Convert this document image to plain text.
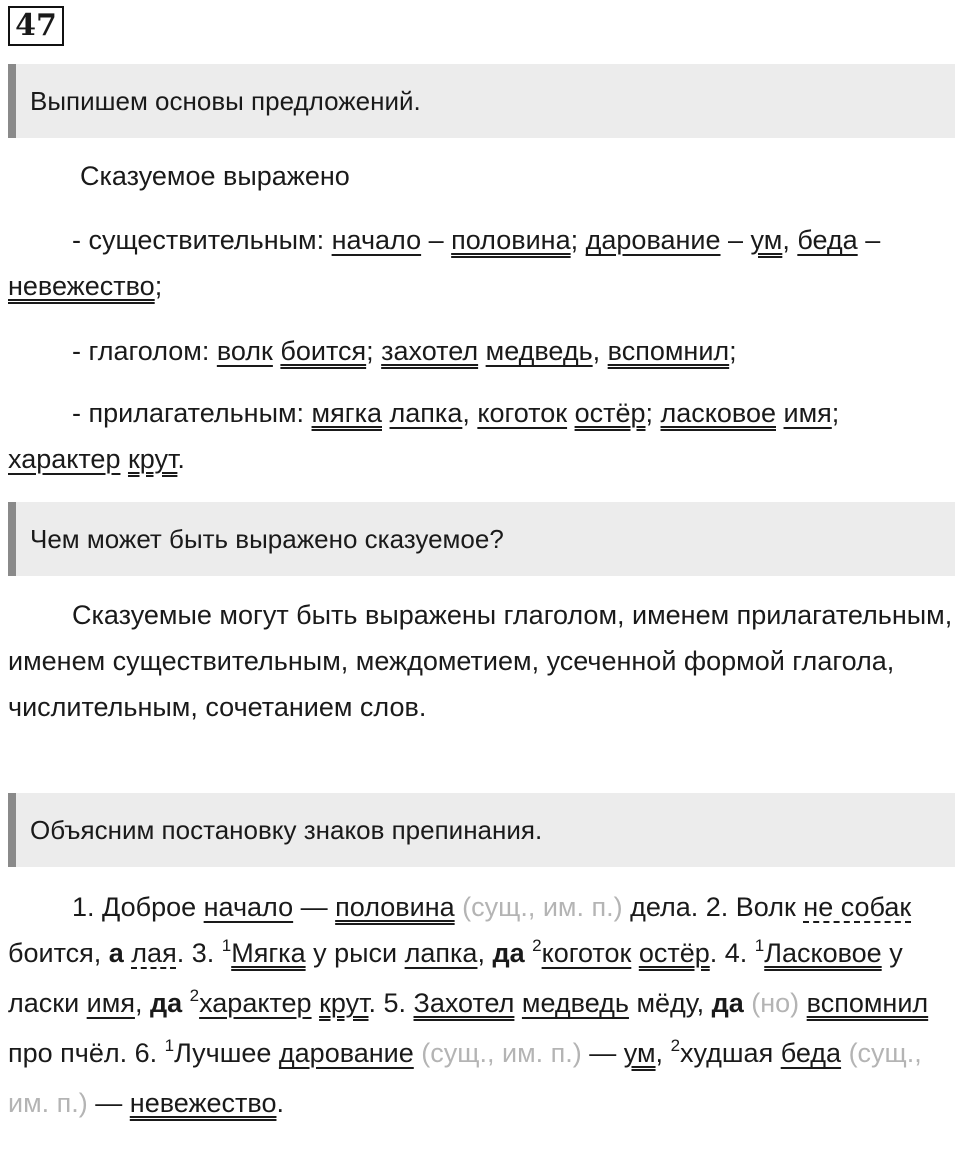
47
Выпишем основы предложений.
Сказуемое выражено
- существительным: начало – половина; дарование – ум, беда – невежество;
- глаголом: волк боится; захотел медведь, вспомнил;
- прилагательным: мягка лапка, коготок остёр; ласковое имя; характер крут.
Чем может быть выражено сказуемое?
Сказуемые могут быть выражены глаголом, именем прилагательным, именем существительным, междометием, усеченной формой глагола, числительным, сочетанием слов.
Объясним постановку знаков препинания.
1. Доброе начало — половина (сущ., им. п.) дела. 2. Волк не собак боится, а лая. 3. $^1$Мягка у рыси лапка, да $^2$коготок остёр. 4. $^1$Ласковое у ласки имя, да $^2$характер крут. 5. Захотел медведь мёду, да (но) вспомнил про пчёл. 6. $^1$Лучшее дарование (сущ., им. п.) — ум, $^2$худшая беда (сущ., им. п.) — невежество.
